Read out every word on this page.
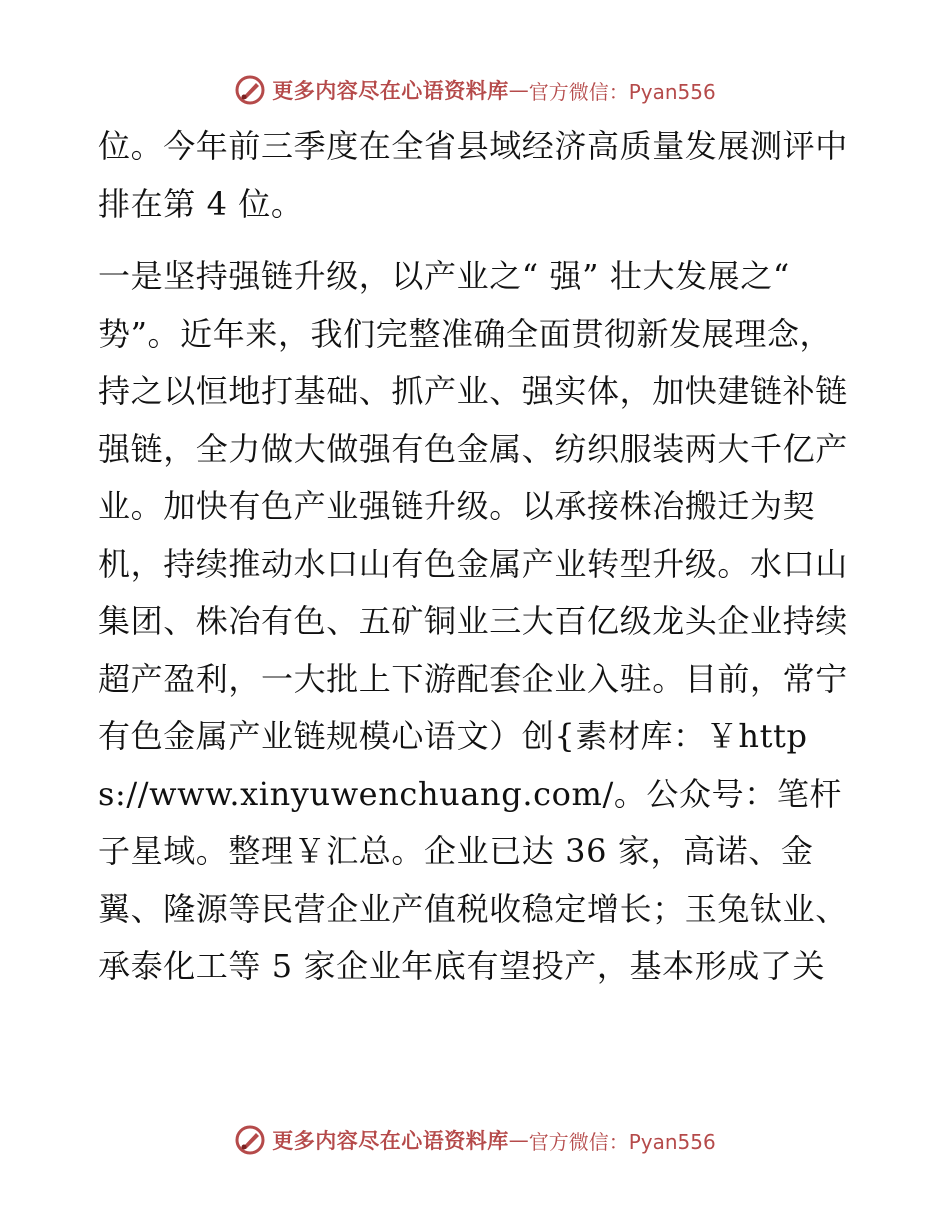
更多内容尽在心语资料库 — 官方微信：Pyan556

位。今年前三季度在全省县域经济高质量发展测评中排在第 4 位。

一是坚持强链升级，以产业之“ 强” 壮大发展之“ 势”。近年来，我们完整准确全面贯彻新发展理念，持之以恒地打基础、抓产业、强实体，加快建链补链强链，全力做大做强有色金属、纺织服装两大千亿产业。加快有色产业强链升级。以承接株冶搬迁为契机，持续推动水口山有色金属产业转型升级。水口山集团、株冶有色、五矿铜业三大百亿级龙头企业持续超产盈利，一大批上下游配套企业入驻。目前，常宁有色金属产业链规模心语文）创{素材库：￥https://www.xinyuwenchuang.com/。公众号：笔杆子星域。整理￥汇总。企业已达 36 家，高诺、金翼、隆源等民营企业产值税收稳定增长；玉兔钛业、承泰化工等 5 家企业年底有望投产，基本形成了关

更多内容尽在心语资料库 — 官方微信：Pyan556
